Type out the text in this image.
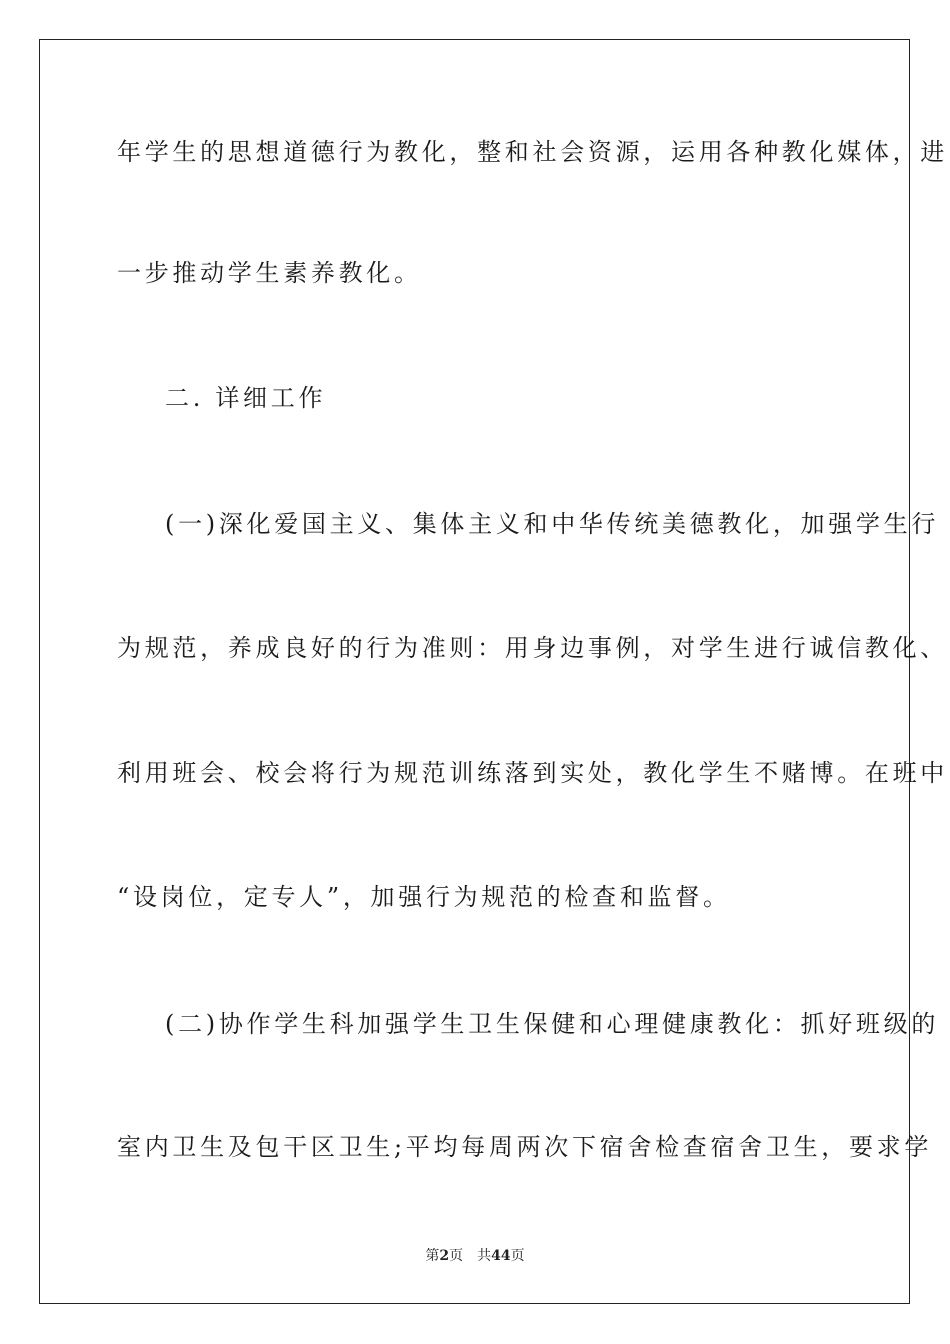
年学生的思想道德行为教化，整和社会资源，运用各种教化媒体，进
一步推动学生素养教化。
二. 详细工作
(一)深化爱国主义、集体主义和中华传统美德教化，加强学生行
为规范，养成良好的行为准则：用身边事例，对学生进行诚信教化、
利用班会、校会将行为规范训练落到实处，教化学生不赌博。在班中
“设岗位，定专人”，加强行为规范的检查和监督。
(二)协作学生科加强学生卫生保健和心理健康教化：抓好班级的
室内卫生及包干区卫生;平均每周两次下宿舍检查宿舍卫生，要求学
第2页 共44页
